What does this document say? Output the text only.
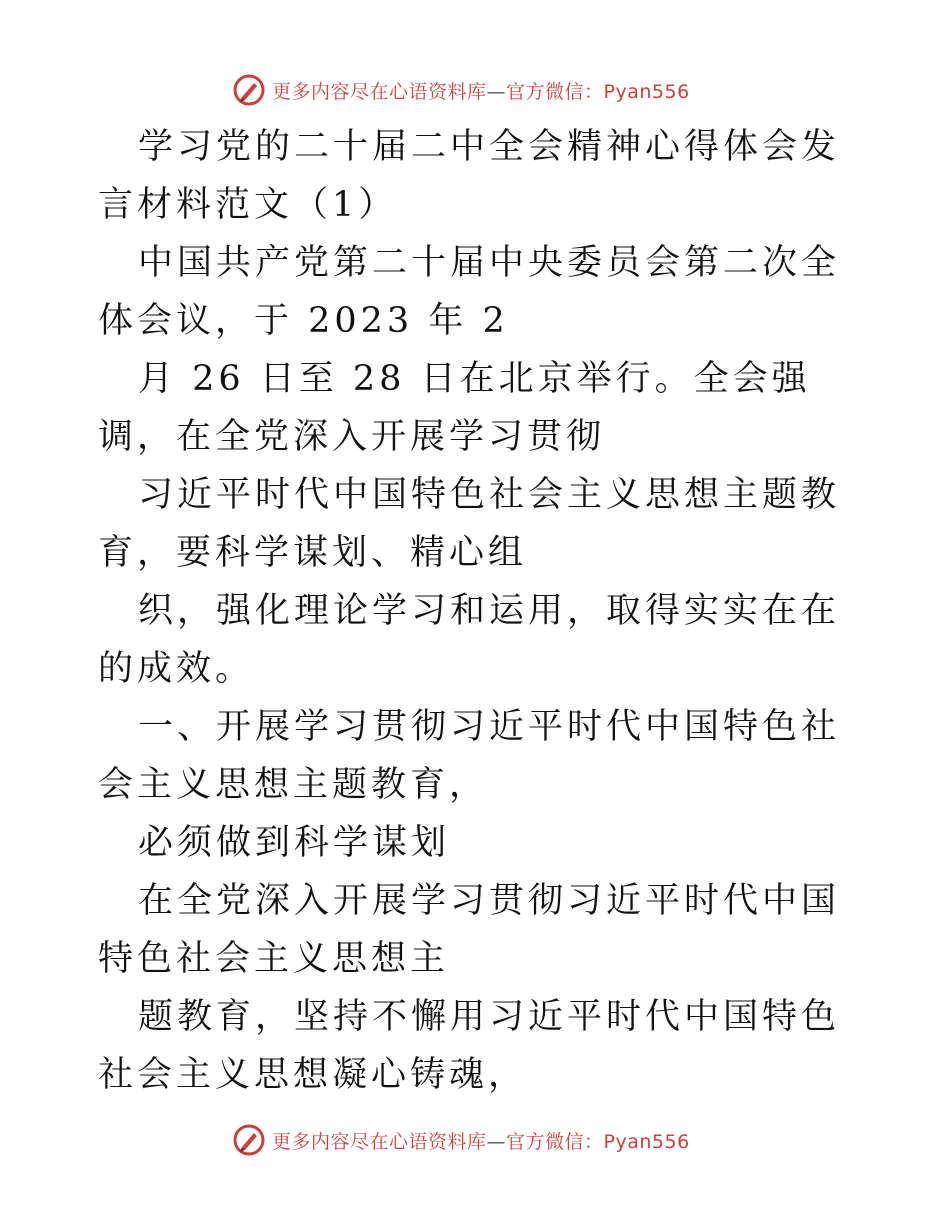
更多内容尽在心语资料库—官方微信：Pyan556

学习党的二十届二中全会精神心得体会发言材料范文（1）

中国共产党第二十届中央委员会第二次全体会议，于 2023 年 2

月 26 日至 28 日在北京举行。全会强调，在全党深入开展学习贯彻

习近平时代中国特色社会主义思想主题教育，要科学谋划、精心组

织，强化理论学习和运用，取得实实在在的成效。

一、开展学习贯彻习近平时代中国特色社会主义思想主题教育，

必须做到科学谋划

在全党深入开展学习贯彻习近平时代中国特色社会主义思想主

题教育，坚持不懈用习近平时代中国特色社会主义思想凝心铸魂，

更多内容尽在心语资料库—官方微信：Pyan556
